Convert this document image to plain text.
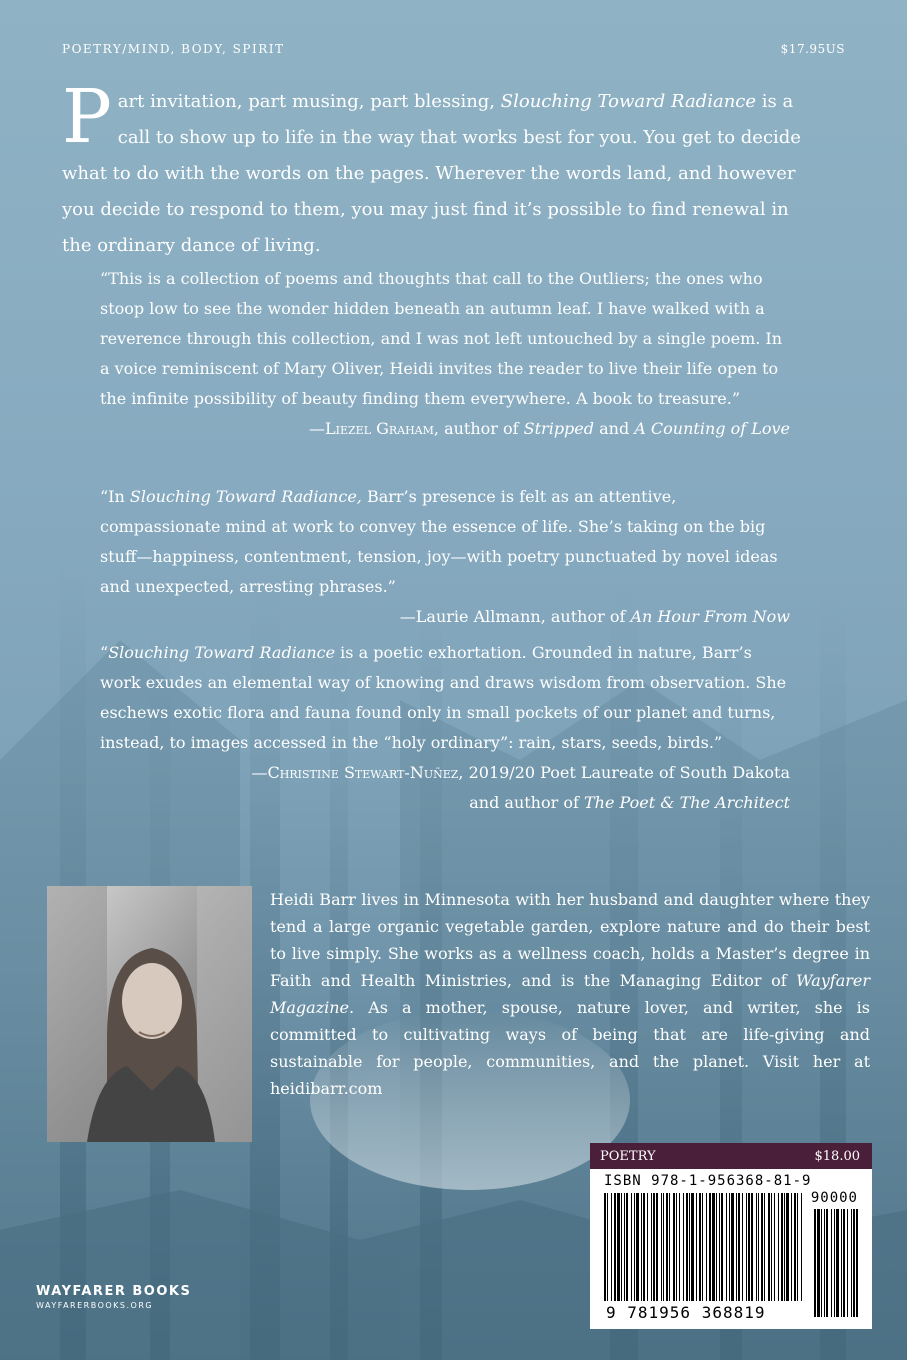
POETRY/MIND, BODY, SPIRIT	$17.95US
Part invitation, part musing, part blessing, Slouching Toward Radiance is a call to show up to life in the way that works best for you. You get to decide what to do with the words on the pages. Wherever the words land, and however you decide to respond to them, you may just find it’s possible to find renewal in the ordinary dance of living.
“This is a collection of poems and thoughts that call to the Outliers; the ones who stoop low to see the wonder hidden beneath an autumn leaf. I have walked with a reverence through this collection, and I was not left untouched by a single poem. In a voice reminiscent of Mary Oliver, Heidi invites the reader to live their life open to the infinite possibility of beauty finding them everywhere. A book to treasure.”
—Liezel Graham, author of Stripped and A Counting of Love
“In Slouching Toward Radiance, Barr’s presence is felt as an attentive, compassionate mind at work to convey the essence of life. She’s taking on the big stuff—happiness, contentment, tension, joy—with poetry punctuated by novel ideas and unexpected, arresting phrases.”
—Laurie Allmann, author of An Hour From Now
“Slouching Toward Radiance is a poetic exhortation. Grounded in nature, Barr’s work exudes an elemental way of knowing and draws wisdom from observation. She eschews exotic flora and fauna found only in small pockets of our planet and turns, instead, to images accessed in the “holy ordinary”: rain, stars, seeds, birds.”
—Christine Stewart-Nuñez, 2019/20 Poet Laureate of South Dakota
and author of The Poet & The Architect
Heidi Barr lives in Minnesota with her husband and daughter where they tend a large organic vegetable garden, explore nature and do their best to live simply. She works as a wellness coach, holds a Master’s degree in Faith and Health Ministries, and is the Managing Editor of Wayfarer Magazine. As a mother, spouse, nature lover, and writer, she is committed to cultivating ways of being that are life-giving and sustainable for people, communities, and the planet. Visit her at heidibarr.com
WAYFARER BOOKS
WAYFARERBOOKS.ORG
POETRY	$18.00
ISBN 978-1-956368-81-9
90000
9 781956 368819
